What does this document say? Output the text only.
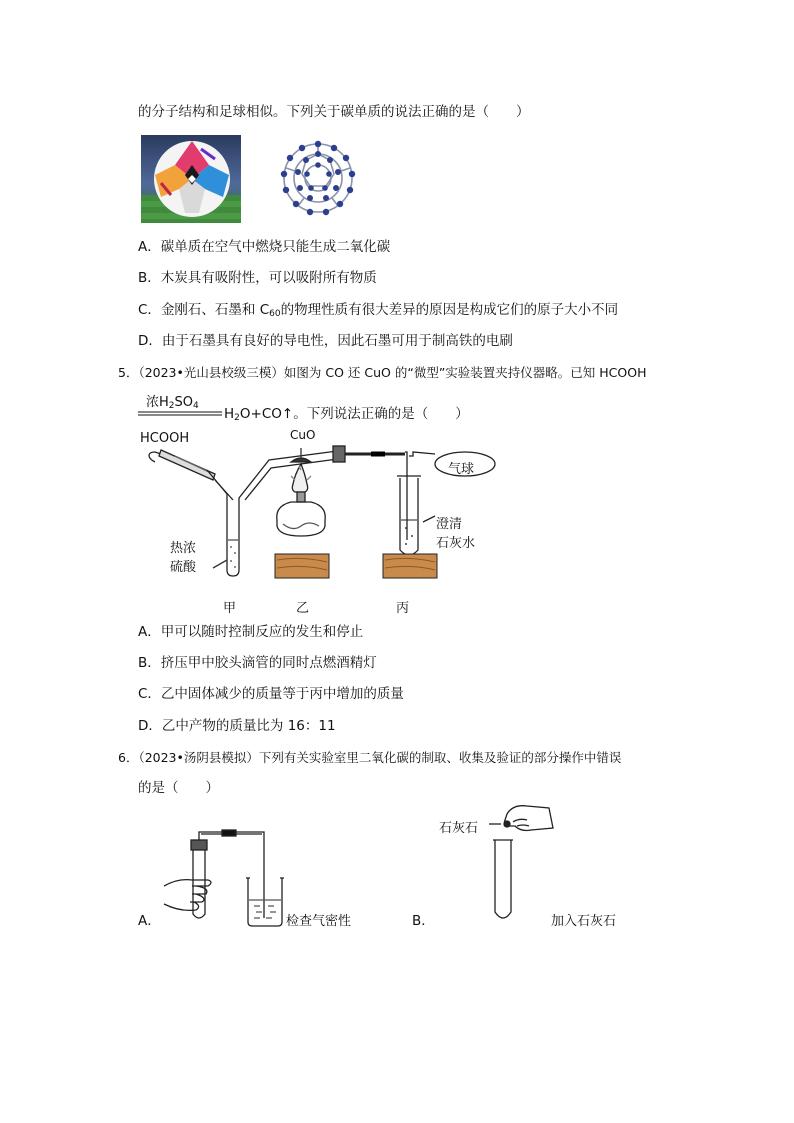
的分子结构和足球相似。下列关于碳单质的说法正确的是（　　）
A．碳单质在空气中燃烧只能生成二氧化碳
B．木炭具有吸附性，可以吸附所有物质
C．金刚石、石墨和 $C_{60}$的物理性质有很大差异的原因是构成它们的原子大小不同
D．由于石墨具有良好的导电性，因此石墨可用于制高铁的电刷
5．（2023•光山县校级三模）如图为 CO 还 CuO 的“微型”实验装置夹持仪器略。已知 HCOOH
浓$H_2SO_4$ $H_2O+CO↑$。下列说法正确的是（　　）
HCOOH	CuO
气球
热浓
硫酸
澄清
石灰水
甲	乙	丙
A．甲可以随时控制反应的发生和停止
B．挤压甲中胶头滴管的同时点燃酒精灯
C．乙中固体减少的质量等于丙中增加的质量
D．乙中产物的质量比为 16：11
6．（2023•汤阴县模拟）下列有关实验室里二氧化碳的制取、收集及验证的部分操作中错误
的是（　　）
A．	检查气密性	B．	加入石灰石
石灰石
